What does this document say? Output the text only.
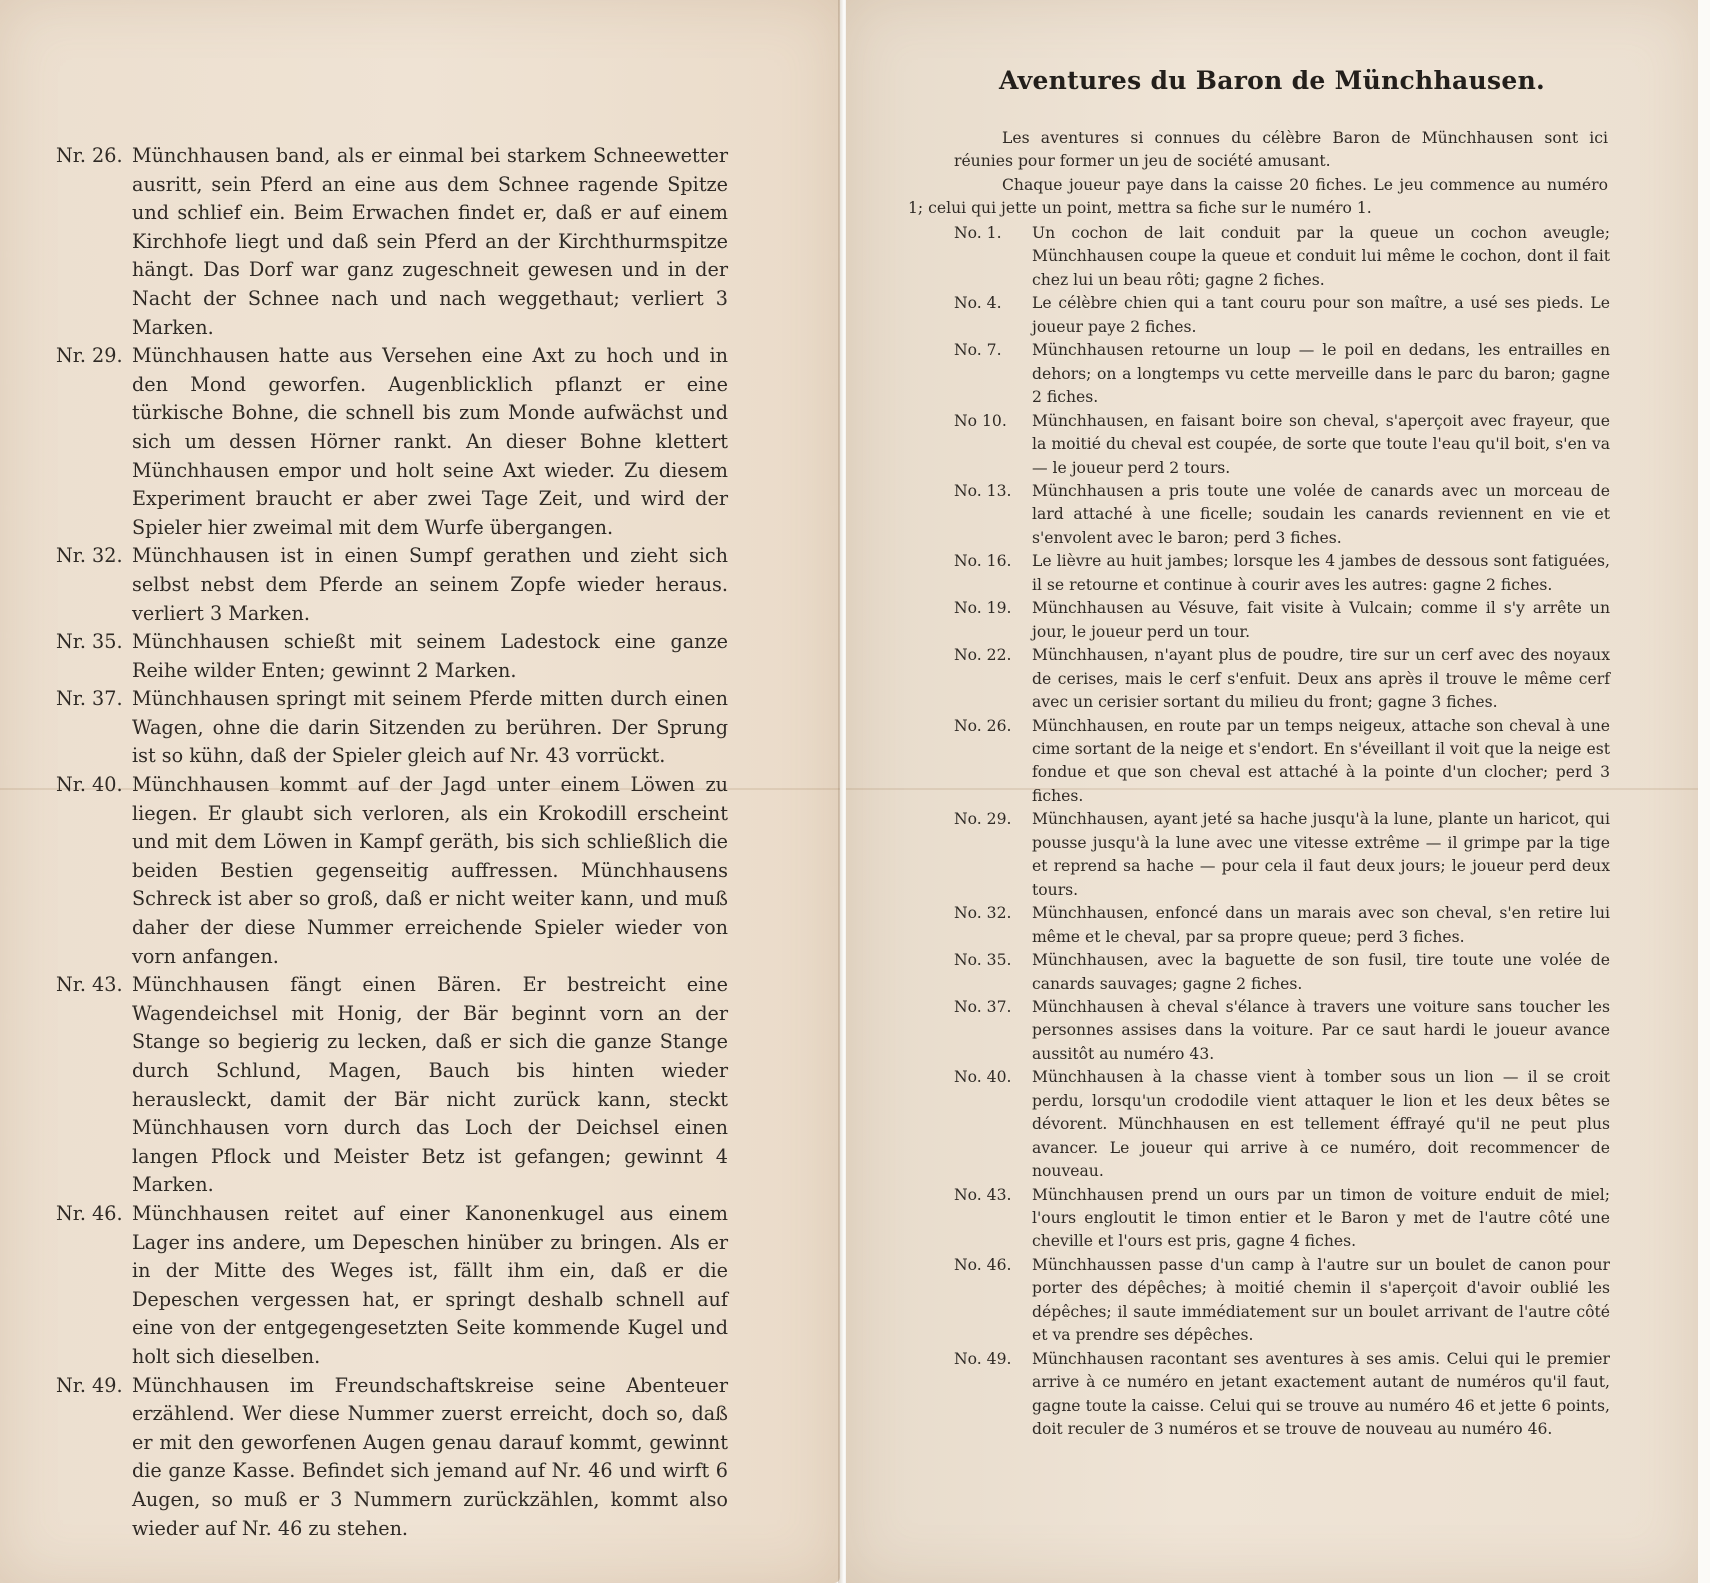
Nr. 26. Münchhausen band, als er einmal bei starkem Schneewetter ausritt, sein Pferd an eine aus dem Schnee ragende Spitze und schlief ein. Beim Erwachen findet er, daß er auf einem Kirchhofe liegt und daß sein Pferd an der Kirchthurmspitze hängt. Das Dorf war ganz zugeschneit gewesen und in der Nacht der Schnee nach und nach weggethaut; verliert 3 Marken.
Nr. 29. Münchhausen hatte aus Versehen eine Axt zu hoch und in den Mond geworfen. Augenblicklich pflanzt er eine türkische Bohne, die schnell bis zum Monde aufwächst und sich um dessen Hörner rankt. An dieser Bohne klettert Münchhausen empor und holt seine Axt wieder. Zu diesem Experiment braucht er aber zwei Tage Zeit, und wird der Spieler hier zweimal mit dem Wurfe übergangen.
Nr. 32. Münchhausen ist in einen Sumpf gerathen und zieht sich selbst nebst dem Pferde an seinem Zopfe wieder heraus. verliert 3 Marken.
Nr. 35. Münchhausen schießt mit seinem Ladestock eine ganze Reihe wilder Enten; gewinnt 2 Marken.
Nr. 37. Münchhausen springt mit seinem Pferde mitten durch einen Wagen, ohne die darin Sitzenden zu berühren. Der Sprung ist so kühn, daß der Spieler gleich auf Nr. 43 vorrückt.
Nr. 40. Münchhausen kommt auf der Jagd unter einem Löwen zu liegen. Er glaubt sich verloren, als ein Krokodill erscheint und mit dem Löwen in Kampf geräth, bis sich schließlich die beiden Bestien gegenseitig auffressen. Münchhausens Schreck ist aber so groß, daß er nicht weiter kann, und muß daher der diese Nummer erreichende Spieler wieder von vorn anfangen.
Nr. 43. Münchhausen fängt einen Bären. Er bestreicht eine Wagendeichsel mit Honig, der Bär beginnt vorn an der Stange so begierig zu lecken, daß er sich die ganze Stange durch Schlund, Magen, Bauch bis hinten wieder herausleckt, damit der Bär nicht zurück kann, steckt Münchhausen vorn durch das Loch der Deichsel einen langen Pflock und Meister Betz ist gefangen; gewinnt 4 Marken.
Nr. 46. Münchhausen reitet auf einer Kanonenkugel aus einem Lager ins andere, um Depeschen hinüber zu bringen. Als er in der Mitte des Weges ist, fällt ihm ein, daß er die Depeschen vergessen hat, er springt deshalb schnell auf eine von der entgegengesetzten Seite kommende Kugel und holt sich dieselben.
Nr. 49. Münchhausen im Freundschaftskreise seine Abenteuer erzählend. Wer diese Nummer zuerst erreicht, doch so, daß er mit den geworfenen Augen genau darauf kommt, gewinnt die ganze Kasse. Befindet sich jemand auf Nr. 46 und wirft 6 Augen, so muß er 3 Nummern zurückzählen, kommt also wieder auf Nr. 46 zu stehen.
Aventures du Baron de Münchhausen.

Les aventures si connues du célèbre Baron de Münchhausen sont ici réunies pour former un jeu de société amusant.

Chaque joueur paye dans la caisse 20 fiches. Le jeu commence au numéro 1; celui qui jette un point, mettra sa fiche sur le numéro 1.

No. 1.	Un cochon de lait conduit par la queue un cochon aveugle; Münchhausen coupe la queue et conduit lui même le cochon, dont il fait chez lui un beau rôti; gagne 2 fiches.
No. 4.	Le célèbre chien qui a tant couru pour son maître, a usé ses pieds. Le joueur paye 2 fiches.
No. 7.	Münchhausen retourne un loup — le poil en dedans, les entrailles en dehors; on a longtemps vu cette merveille dans le parc du baron; gagne 2 fiches.
No 10.	Münchhausen, en faisant boire son cheval, s'aperçoit avec frayeur, que la moitié du cheval est coupée, de sorte que toute l'eau qu'il boit, s'en va — le joueur perd 2 tours.
No. 13.	Münchhausen a pris toute une volée de canards avec un morceau de lard attaché à une ficelle; soudain les canards reviennent en vie et s'envolent avec le baron; perd 3 fiches.
No. 16.	Le lièvre au huit jambes; lorsque les 4 jambes de dessous sont fatiguées, il se retourne et continue à courir aves les autres: gagne 2 fiches.
No. 19.	Münchhausen au Vésuve, fait visite à Vulcain; comme il s'y arrête un jour, le joueur perd un tour.
No. 22.	Münchhausen, n'ayant plus de poudre, tire sur un cerf avec des noyaux de cerises, mais le cerf s'enfuit. Deux ans après il trouve le même cerf avec un cerisier sortant du milieu du front; gagne 3 fiches.
No. 26.	Münchhausen, en route par un temps neigeux, attache son cheval à une cime sortant de la neige et s'endort. En s'éveillant il voit que la neige est fondue et que son cheval est attaché à la pointe d'un clocher; perd 3 fiches.
No. 29.	Münchhausen, ayant jeté sa hache jusqu'à la lune, plante un haricot, qui pousse jusqu'à la lune avec une vitesse extrême — il grimpe par la tige et reprend sa hache — pour cela il faut deux jours; le joueur perd deux tours.
No. 32.	Münchhausen, enfoncé dans un marais avec son cheval, s'en retire lui même et le cheval, par sa propre queue; perd 3 fiches.
No. 35.	Münchhausen, avec la baguette de son fusil, tire toute une volée de canards sauvages; gagne 2 fiches.
No. 37.	Münchhausen à cheval s'élance à travers une voiture sans toucher les personnes assises dans la voiture. Par ce saut hardi le joueur avance aussitôt au numéro 43.
No. 40.	Münchhausen à la chasse vient à tomber sous un lion — il se croit perdu, lorsqu'un crododile vient attaquer le lion et les deux bêtes se dévorent. Münchhausen en est tellement éffrayé qu'il ne peut plus avancer. Le joueur qui arrive à ce numéro, doit recommencer de nouveau.
No. 43.	Münchhausen prend un ours par un timon de voiture enduit de miel; l'ours engloutit le timon entier et le Baron y met de l'autre côté une cheville et l'ours est pris, gagne 4 fiches.
No. 46.	Münchhaussen passe d'un camp à l'autre sur un boulet de canon pour porter des dépêches; à moitié chemin il s'aperçoit d'avoir oublié les dépêches; il saute immédiatement sur un boulet arrivant de l'autre côté et va prendre ses dépêches.
No. 49.	Münchhausen racontant ses aventures à ses amis. Celui qui le premier arrive à ce numéro en jetant exactement autant de numéros qu'il faut, gagne toute la caisse. Celui qui se trouve au numéro 46 et jette 6 points, doit reculer de 3 numéros et se trouve de nouveau au numéro 46.
